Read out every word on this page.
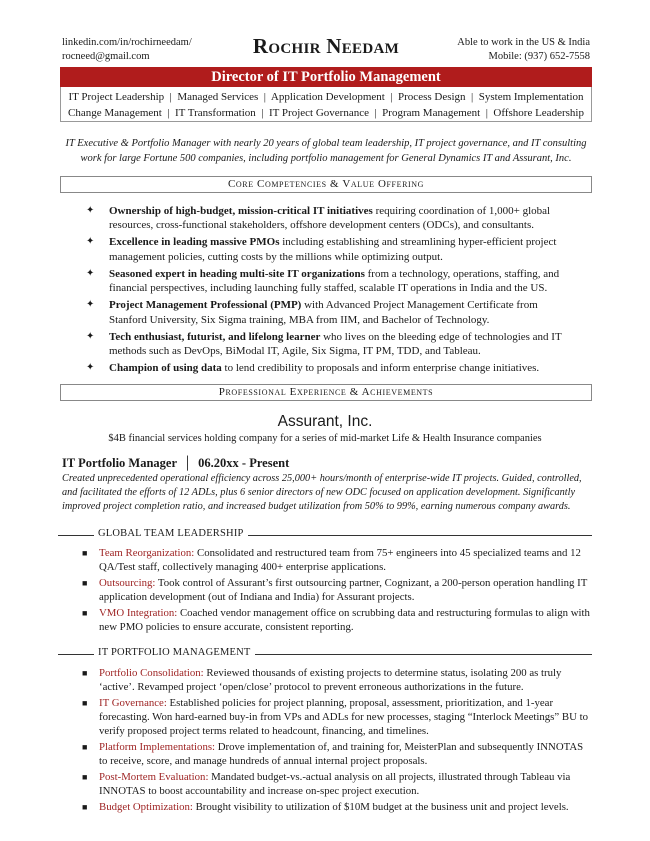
linkedin.com/in/rochirneedam/
rocneed@gmail.com	Rochir Needam	Able to work in the US & India
Mobile: (937) 652-7558
Director of IT Portfolio Management
IT Project Leadership  |  Managed Services  |  Application Development  |  Process Design  |  System Implementation
Change Management  |  IT Transformation  |  IT Project Governance  |  Program Management  |  Offshore Leadership
IT Executive & Portfolio Manager with nearly 20 years of global team leadership, IT project governance, and IT consulting work for large Fortune 500 companies, including portfolio management for General Dynamics IT and Assurant, Inc.
Core Competencies & Value Offering
✦ Ownership of high-budget, mission-critical IT initiatives requiring coordination of 1,000+ global resources, cross-functional stakeholders, offshore development centers (ODCs), and consultants.
✦ Excellence in leading massive PMOs including establishing and streamlining hyper-efficient project management policies, cutting costs by the millions while optimizing output.
✦ Seasoned expert in heading multi-site IT organizations from a technology, operations, staffing, and financial perspectives, including launching fully staffed, scalable IT operations in India and the US.
✦ Project Management Professional (PMP) with Advanced Project Management Certificate from Stanford University, Six Sigma training, MBA from IIM, and Bachelor of Technology.
✦ Tech enthusiast, futurist, and lifelong learner who lives on the bleeding edge of technologies and IT methods such as DevOps, BiModal IT, Agile, Six Sigma, IT PM, TDD, and Tableau.
✦ Champion of using data to lend credibility to proposals and inform enterprise change initiatives.
Professional Experience & Achievements
Assurant, Inc.
$4B financial services holding company for a series of mid-market Life & Health Insurance companies
IT Portfolio Manager  │  06.20xx - Present
Created unprecedented operational efficiency across 25,000+ hours/month of enterprise-wide IT projects. Guided, controlled, and facilitated the efforts of 12 ADLs, plus 6 senior directors of new ODC focused on application development. Significantly improved project completion ratio, and increased budget utilization from 50% to 99%, earning numerous company awards.
GLOBAL TEAM LEADERSHIP
■ Team Reorganization: Consolidated and restructured team from 75+ engineers into 45 specialized teams and 12 QA/Test staff, collectively managing 400+ enterprise applications.
■ Outsourcing: Took control of Assurant’s first outsourcing partner, Cognizant, a 200-person operation handling IT application development (out of Indiana and India) for Assurant projects.
■ VMO Integration: Coached vendor management office on scrubbing data and restructuring formulas to align with new PMO policies to ensure accurate, consistent reporting.
IT PORTFOLIO MANAGEMENT
■ Portfolio Consolidation: Reviewed thousands of existing projects to determine status, isolating 200 as truly ‘active’. Revamped project ‘open/close’ protocol to prevent erroneous authorizations in the future.
■ IT Governance: Established policies for project planning, proposal, assessment, prioritization, and 1-year forecasting. Won hard-earned buy-in from VPs and ADLs for new processes, staging “Interlock Meetings” BU to verify proposed project terms related to headcount, financing, and timelines.
■ Platform Implementations: Drove implementation of, and training for, MeisterPlan and subsequently INNOTAS to receive, score, and manage hundreds of annual internal project proposals.
■ Post-Mortem Evaluation: Mandated budget-vs.-actual analysis on all projects, illustrated through Tableau via INNOTAS to boost accountability and increase on-spec project execution.
■ Budget Optimization: Brought visibility to utilization of $10M budget at the business unit and project levels.
